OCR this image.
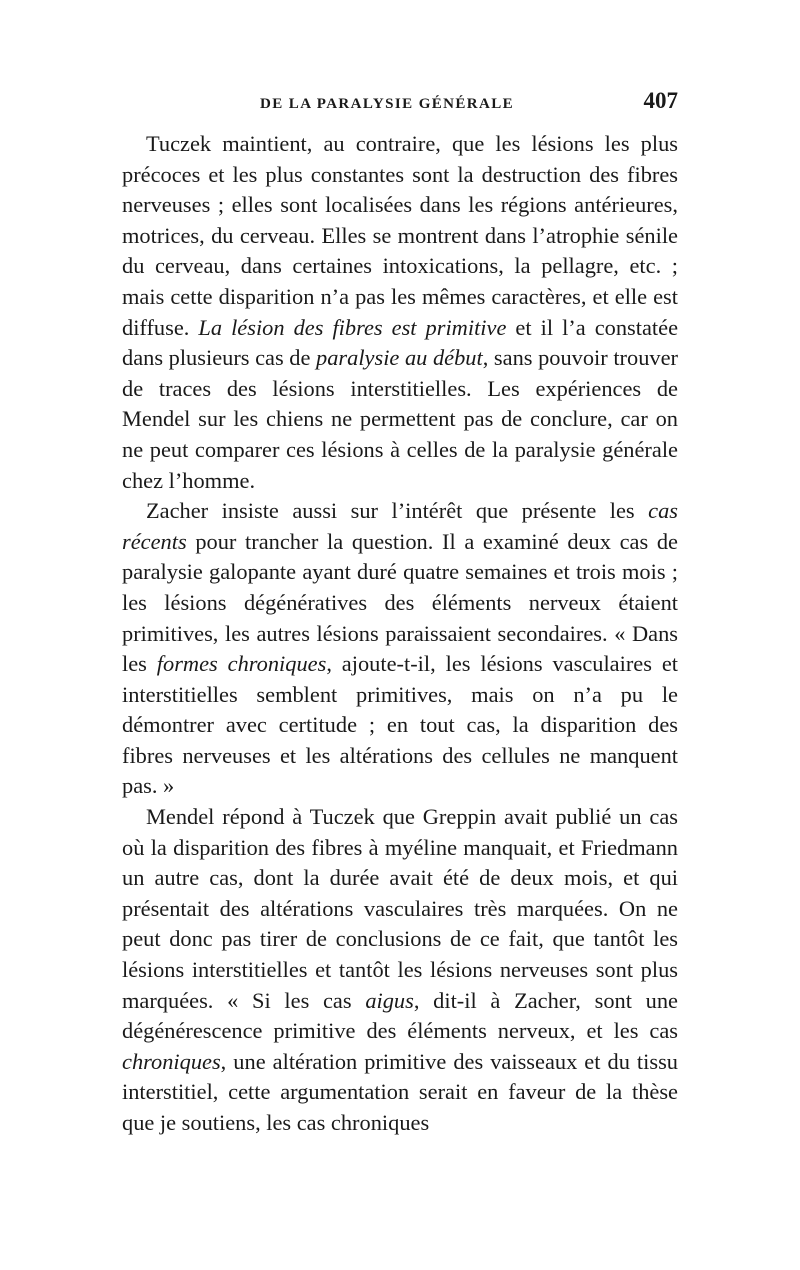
DE LA PARALYSIE GÉNÉRALE	407

Tuczek maintient, au contraire, que les lésions les plus précoces et les plus constantes sont la destruction des fibres nerveuses ; elles sont localisées dans les régions antérieures, motrices, du cerveau. Elles se montrent dans l’atrophie sénile du cerveau, dans certaines intoxications, la pellagre, etc. ; mais cette disparition n’a pas les mêmes caractères, et elle est diffuse. La lésion des fibres est primitive et il l’a constatée dans plusieurs cas de paralysie au début, sans pouvoir trouver de traces des lésions interstitielles. Les expériences de Mendel sur les chiens ne permettent pas de conclure, car on ne peut comparer ces lésions à celles de la paralysie générale chez l’homme.

Zacher insiste aussi sur l’intérêt que présente les cas récents pour trancher la question. Il a examiné deux cas de paralysie galopante ayant duré quatre semaines et trois mois ; les lésions dégénératives des éléments nerveux étaient primitives, les autres lésions paraissaient secondaires. « Dans les formes chroniques, ajoute-t-il, les lésions vasculaires et interstitielles semblent primitives, mais on n’a pu le démontrer avec certitude ; en tout cas, la disparition des fibres nerveuses et les altérations des cellules ne manquent pas. »

Mendel répond à Tuczek que Greppin avait publié un cas où la disparition des fibres à myéline manquait, et Friedmann un autre cas, dont la durée avait été de deux mois, et qui présentait des altérations vasculaires très marquées. On ne peut donc pas tirer de conclusions de ce fait, que tantôt les lésions interstitielles et tantôt les lésions nerveuses sont plus marquées. « Si les cas aigus, dit-il à Zacher, sont une dégénérescence primitive des éléments nerveux, et les cas chroniques, une altération primitive des vaisseaux et du tissu interstitiel, cette argumentation serait en faveur de la thèse que je soutiens, les cas chroniques
